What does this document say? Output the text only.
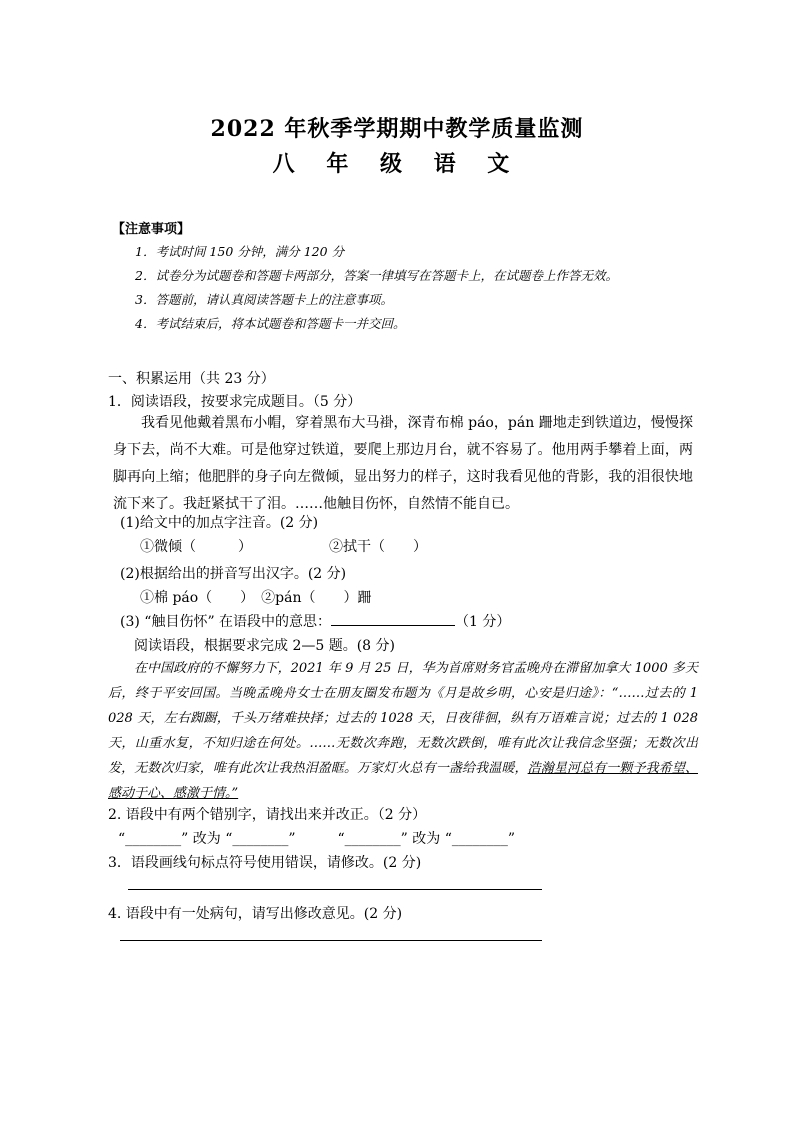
2022 年秋季学期期中教学质量监测
八 年 级 语 文
【注意事项】
1．考试时间 150 分钟，满分 120 分
2．试卷分为试题卷和答题卡两部分，答案一律填写在答题卡上，在试题卷上作答无效。
3．答题前，请认真阅读答题卡上的注意事项。
4．考试结束后，将本试题卷和答题卡一并交回。
一、积累运用（共 23 分）
1．阅读语段，按要求完成题目。（5 分）
我看见他戴着黑布小帽，穿着黑布大马褂，深青布棉 páo，pán 跚地走到铁道边，慢慢探身下去，尚不大难。可是他穿过铁道，要爬上那边月台，就不容易了。他用两手攀着上面，两脚再向上缩；他肥胖的身子向左微倾，显出努力的样子，这时我看见他的背影，我的泪很快地流下来了。我赶紧拭干了泪。……他触目伤怀，自然情不能自已。
(1)给文中的加点字注音。(2 分)
①微倾（　　　）　　　　　　②拭干（　　）
(2)根据给出的拼音写出汉字。(2 分)
①棉 páo（　　）　②pán（　　）跚
(3) “触目伤怀” 在语段中的意思：	（1 分）
阅读语段，根据要求完成 2—5 题。(8 分)
在中国政府的不懈努力下，2021 年 9 月 25 日，华为首席财务官孟晚舟在滞留加拿大 1000 多天后，终于平安回国。当晚孟晚舟女士在朋友圈发布题为《月是故乡明，心安是归途》：“……过去的 1 028 天，左右踟蹰，千头万绪难抉择；过去的 1028 天，日夜徘徊，纵有万语难言说；过去的 1 028 天，山重水复，不知归途在何处。……无数次奔跑，无数次跌倒，唯有此次让我信念坚强；无数次出发，无数次归家，唯有此次让我热泪盈眶。万家灯火总有一盏给我温暖，浩瀚星河总有一颗予我希望、感动于心、感激于情。”
2. 语段中有两个错别字，请找出来并改正。（2 分）
“________” 改为 “________”　　　“________” 改为 “________”
3．语段画线句标点符号使用错误，请修改。(2 分)
4. 语段中有一处病句，请写出修改意见。(2 分)
